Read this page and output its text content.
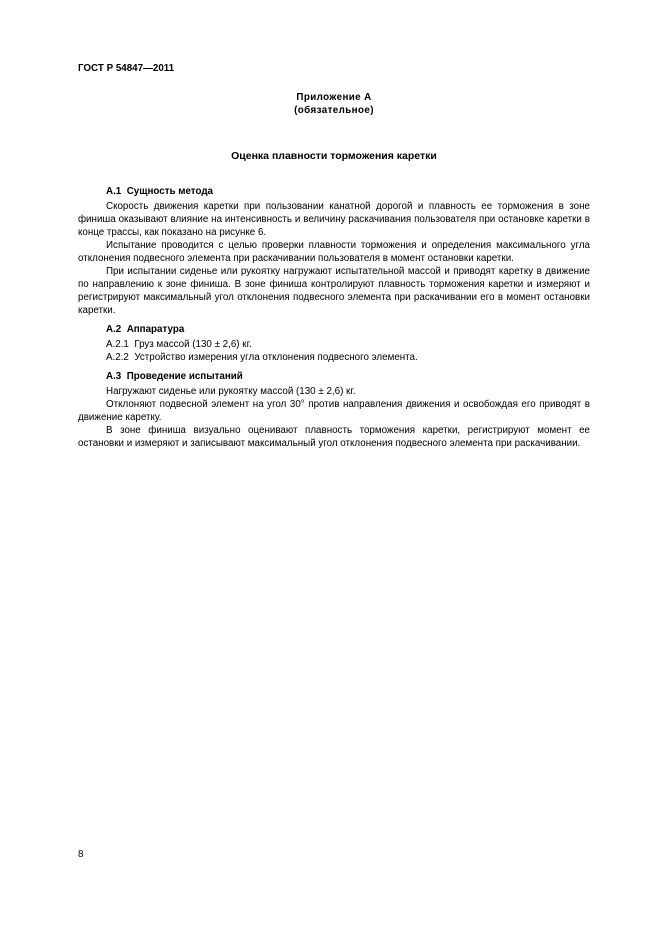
ГОСТ Р 54847—2011
Приложение А
(обязательное)
Оценка плавности торможения каретки
А.1  Сущность метода

Скорость движения каретки при пользовании канатной дорогой и плавность ее торможения в зоне финиша оказывают влияние на интенсивность и величину раскачивания пользователя при остановке каретки в конце трассы, как показано на рисунке 6.

Испытание проводится с целью проверки плавности торможения и определения максимального угла отклонения подвесного элемента при раскачивании пользователя в момент остановки каретки.

При испытании сиденье или рукоятку нагружают испытательной массой и приводят каретку в движение по направлению к зоне финиша. В зоне финиша контролируют плавность торможения каретки и измеряют и регистрируют максимальный угол отклонения подвесного элемента при раскачивании его в момент остановки каретки.

А.2  Аппаратура

А.2.1  Груз массой (130 ± 2,6) кг.

А.2.2  Устройство измерения угла отклонения подвесного элемента.

А.3  Проведение испытаний

Нагружают сиденье или рукоятку массой (130 ± 2,6) кг.

Отклоняют подвесной элемент на угол 30° против направления движения и освобождая его приводят в движение каретку.

В зоне финиша визуально оценивают плавность торможения каретки, регистрируют момент ее остановки и измеряют и записывают максимальный угол отклонения подвесного элемента при раскачивании.

8
